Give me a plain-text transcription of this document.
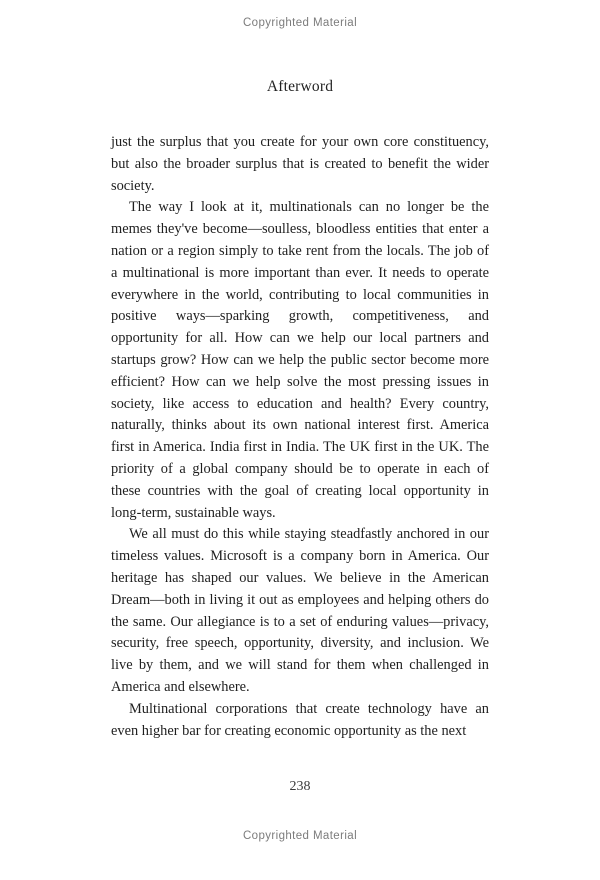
Copyrighted Material
Afterword

just the surplus that you create for your own core constituency, but also the broader surplus that is created to benefit the wider society.

The way I look at it, multinationals can no longer be the memes they've become—soulless, bloodless entities that enter a nation or a region simply to take rent from the locals. The job of a multinational is more important than ever. It needs to operate everywhere in the world, contributing to local communities in positive ways—sparking growth, competitiveness, and opportunity for all. How can we help our local partners and startups grow? How can we help the public sector become more efficient? How can we help solve the most pressing issues in society, like access to education and health? Every country, naturally, thinks about its own national interest first. America first in America. India first in India. The UK first in the UK. The priority of a global company should be to operate in each of these countries with the goal of creating local opportunity in long-term, sustainable ways.

We all must do this while staying steadfastly anchored in our timeless values. Microsoft is a company born in America. Our heritage has shaped our values. We believe in the American Dream—both in living it out as employees and helping others do the same. Our allegiance is to a set of enduring values—privacy, security, free speech, opportunity, diversity, and inclusion. We live by them, and we will stand for them when challenged in America and elsewhere.

Multinational corporations that create technology have an even higher bar for creating economic opportunity as the next

238
Copyrighted Material
